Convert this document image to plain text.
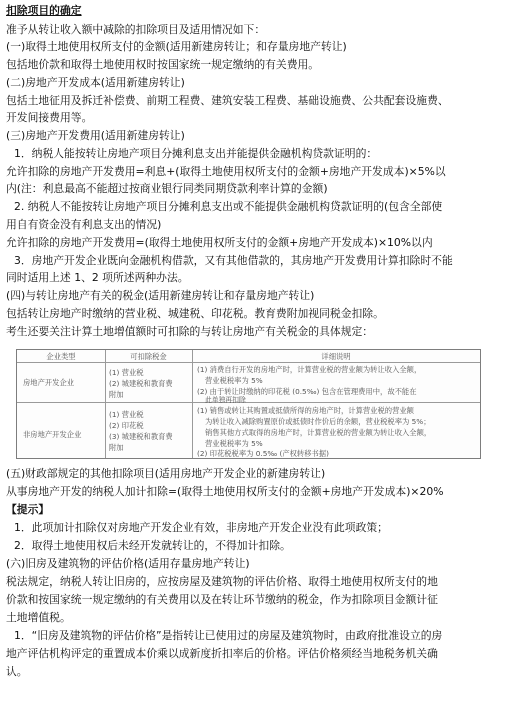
扣除项目的确定
准予从转让收入额中减除的扣除项目及适用情况如下：
(一)取得土地使用权所支付的金额(适用新建房转让；和存量房地产转让)
包括地价款和取得土地使用权时按国家统一规定缴纳的有关费用。
(二)房地产开发成本(适用新建房转让)
包括土地征用及拆迁补偿费、前期工程费、建筑安装工程费、基础设施费、公共配套设施费、
开发间接费用等。
(三)房地产开发费用(适用新建房转让)
1．纳税人能按转让房地产项目分摊利息支出并能提供金融机构贷款证明的：
允许扣除的房地产开发费用=利息+(取得土地使用权所支付的金额+房地产开发成本)×5%以
内(注：利息最高不能超过按商业银行同类同期贷款利率计算的金额)
2. 纳税人不能按转让房地产项目分摊利息支出或不能提供金融机构贷款证明的(包含全部使
用自有资金没有利息支出的情况)
允许扣除的房地产开发费用=(取得土地使用权所支付的金额+房地产开发成本)×10%以内
3．房地产开发企业既向金融机构借款，又有其他借款的，其房地产开发费用计算扣除时不能
同时适用上述 1、2 项所述两种办法。
(四)与转让房地产有关的税金(适用新建房转让和存量房地产转让)
包括转让房地产时缴纳的营业税、城建税、印花税。教育费附加视同税金扣除。
考生还要关注计算土地增值额时可扣除的与转让房地产有关税金的具体规定：
企业类型	可扣除税金	详细说明
房地产开发企业
(1) 营业税
(2) 城建税和教育费
附加
(1) 消费自行开发的房地产时，计算营业税的营业额为转让收入全额，
营业税税率为 5%
(2) 由于转让时缴纳的印花税 (0.5‰) 包含在管理费用中，故不能在
此单独再扣除
非房地产开发企业
(1) 营业税
(2) 印花税
(3) 城建税和教育费
附加
(1) 销售或转让其购置或抵债所得的房地产时，计算营业税的营业额
为转让收入减除购置原价或抵债时作价后的余额，营业税税率为 5%；
销售其他方式取得的房地产时，计算营业税的营业额为转让收入全额，
营业税税率为 5%
(2) 印花税税率为 0.5‰ (产权转移书据)
(五)财政部规定的其他扣除项目(适用房地产开发企业的新建房转让)
从事房地产开发的纳税人加计扣除=(取得土地使用权所支付的金额+房地产开发成本)×20%
【提示】
1．此项加计扣除仅对房地产开发企业有效，非房地产开发企业没有此项政策；
2．取得土地使用权后未经开发就转让的，不得加计扣除。
(六)旧房及建筑物的评估价格(适用存量房地产转让)
税法规定，纳税人转让旧房的，应按房屋及建筑物的评估价格、取得土地使用权所支付的地
价款和按国家统一规定缴纳的有关费用以及在转让环节缴纳的税金，作为扣除项目金额计征
土地增值税。
1．“旧房及建筑物的评估价格”是指转让已使用过的房屋及建筑物时，由政府批准设立的房
地产评估机构评定的重置成本价乘以成新度折扣率后的价格。评估价格须经当地税务机关确
认。
